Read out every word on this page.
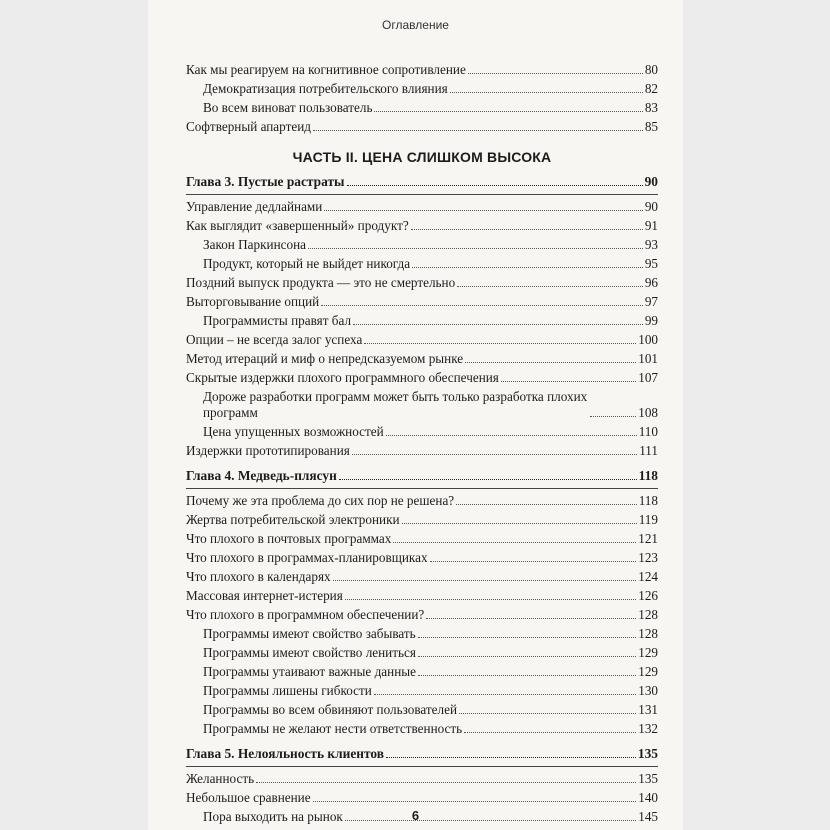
Оглавление
Как мы реагируем на когнитивное сопротивление	80
Демократизация потребительского влияния	82
Во всем виноват пользователь	83
Софтверный апартеид	85
ЧАСТЬ II. ЦЕНА СЛИШКОМ ВЫСОКА
Глава 3. Пустые растраты	90
Управление дедлайнами	90
Как выглядит «завершенный» продукт?	91
Закон Паркинсона	93
Продукт, который не выйдет никогда	95
Поздний выпуск продукта — это не смертельно	96
Выторговывание опций	97
Программисты правят бал	99
Опции – не всегда залог успеха	100
Метод итераций и миф о непредсказуемом рынке	101
Скрытые издержки плохого программного обеспечения	107
Дороже разработки программ может быть только разработка плохих программ	108
Цена упущенных возможностей	110
Издержки прототипирования	111
Глава 4. Медведь-плясун	118
Почему же эта проблема до сих пор не решена?	118
Жертва потребительской электроники	119
Что плохого в почтовых программах	121
Что плохого в программах-планировщиках	123
Что плохого в календарях	124
Массовая интернет-истерия	126
Что плохого в программном обеспечении?	128
Программы имеют свойство забывать	128
Программы имеют свойство лениться	129
Программы утаивают важные данные	129
Программы лишены гибкости	130
Программы во всем обвиняют пользователей	131
Программы не желают нести ответственность	132
Глава 5. Нелояльность клиентов	135
Желанность	135
Небольшое сравнение	140
Пора выходить на рынок	145
6
